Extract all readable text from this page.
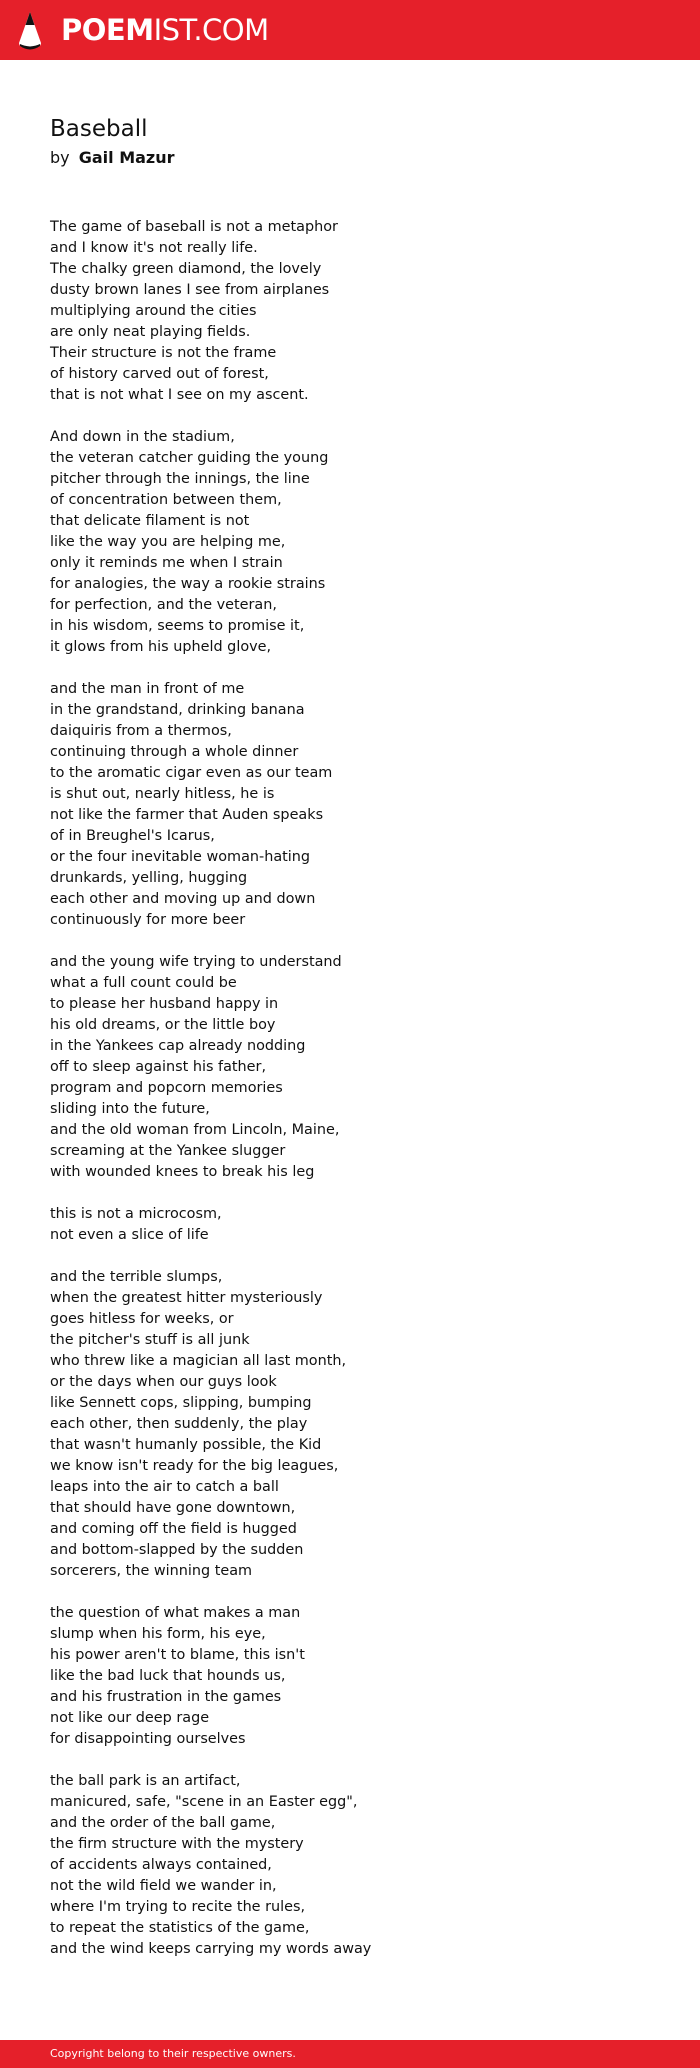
POEMIST.COM
Baseball
by Gail Mazur
The game of baseball is not a metaphor
and I know it's not really life.
The chalky green diamond, the lovely
dusty brown lanes I see from airplanes
multiplying around the cities
are only neat playing fields.
Their structure is not the frame
of history carved out of forest,
that is not what I see on my ascent.
And down in the stadium,
the veteran catcher guiding the young
pitcher through the innings, the line
of concentration between them,
that delicate filament is not
like the way you are helping me,
only it reminds me when I strain
for analogies, the way a rookie strains
for perfection, and the veteran,
in his wisdom, seems to promise it,
it glows from his upheld glove,
and the man in front of me
in the grandstand, drinking banana
daiquiris from a thermos,
continuing through a whole dinner
to the aromatic cigar even as our team
is shut out, nearly hitless, he is
not like the farmer that Auden speaks
of in Breughel's Icarus,
or the four inevitable woman-hating
drunkards, yelling, hugging
each other and moving up and down
continuously for more beer
and the young wife trying to understand
what a full count could be
to please her husband happy in
his old dreams, or the little boy
in the Yankees cap already nodding
off to sleep against his father,
program and popcorn memories
sliding into the future,
and the old woman from Lincoln, Maine,
screaming at the Yankee slugger
with wounded knees to break his leg
this is not a microcosm,
not even a slice of life
and the terrible slumps,
when the greatest hitter mysteriously
goes hitless for weeks, or
the pitcher's stuff is all junk
who threw like a magician all last month,
or the days when our guys look
like Sennett cops, slipping, bumping
each other, then suddenly, the play
that wasn't humanly possible, the Kid
we know isn't ready for the big leagues,
leaps into the air to catch a ball
that should have gone downtown,
and coming off the field is hugged
and bottom-slapped by the sudden
sorcerers, the winning team
the question of what makes a man
slump when his form, his eye,
his power aren't to blame, this isn't
like the bad luck that hounds us,
and his frustration in the games
not like our deep rage
for disappointing ourselves
the ball park is an artifact,
manicured, safe, "scene in an Easter egg",
and the order of the ball game,
the firm structure with the mystery
of accidents always contained,
not the wild field we wander in,
where I'm trying to recite the rules,
to repeat the statistics of the game,
and the wind keeps carrying my words away
Copyright belong to their respective owners.
